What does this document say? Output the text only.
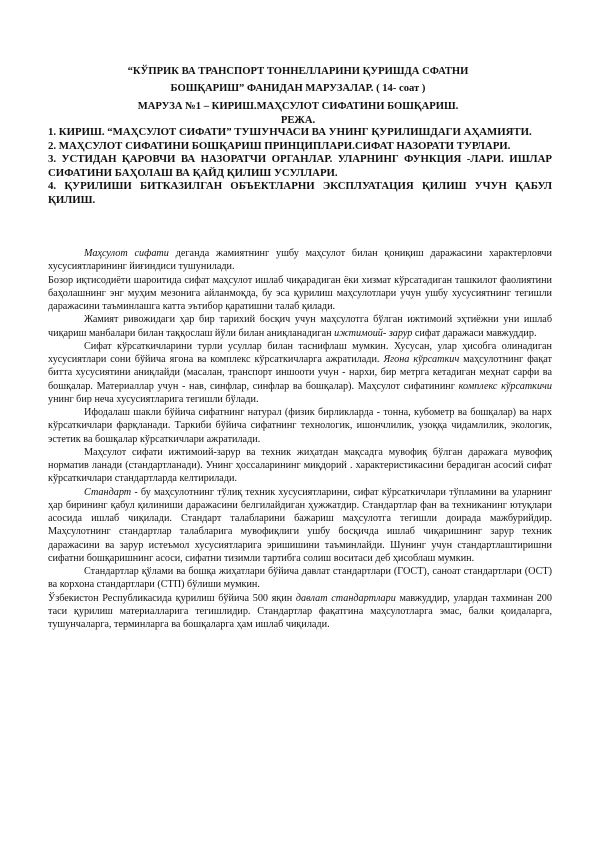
“КЎПРИК ВА ТРАНСПОРТ ТОННЕЛЛАРИНИ ҚУРИШДА СФАТНИ
БОШҚАРИШ” ФАНИДАН МАРУЗАЛАР. ( 14- соат )
МАРУЗА №1 – КИРИШ.МАҲСУЛОТ СИФАТИНИ БОШҚАРИШ.
РЕЖА.

1. КИРИШ. “МАҲСУЛОТ СИФАТИ” ТУШУНЧАСИ ВА УНИНГ ҚУРИЛИШДАГИ АҲАМИЯТИ.

2. МАҲСУЛОТ СИФАТИНИ БОШҚАРИШ ПРИНЦИПЛАРИ.СИФАТ НАЗОРАТИ ТУРЛАРИ.

3. УСТИДАН ҚАРОВЧИ ВА НАЗОРАТЧИ ОРГАНЛАР. УЛАРНИНГ ФУНКЦИЯ -ЛАРИ. ИШЛАР СИФАТИНИ БАҲОЛАШ ВА ҚАЙД ҚИЛИШ УСУЛЛАРИ.

4. ҚУРИЛИШИ БИТКАЗИЛГАН ОБЪЕКТЛАРНИ ЭКСПЛУАТАЦИЯ ҚИЛИШ УЧУН ҚАБУЛ ҚИЛИШ.

Маҳсулот сифати деганда жамиятнинг ушбу маҳсулот билан қониқиш даражасини характерловчи хусусиятларининг йиғиндиси тушунилади.

Бозор иқтисодиёти шароитида сифат маҳсулот ишлаб чиқарадиган ёки хизмат кўрсатадиган ташкилот фаолиятини баҳолашнинг энг муҳим мезонига айланмоқда, бу эса қурилиш маҳсулотлари учун ушбу хусусиятнинг тегишли даражасини таъминлашга катта эътибор қаратишни талаб қилади.

Жамият ривожидаги ҳар бир тарихий босқич учун маҳсулотга бўлган ижтимоий эҳтиёжни уни ишлаб чиқариш манбалари билан таққослаш йўли билан аниқланадиган ижтимоий- зарур сифат даражаси мавжуддир.

Сифат кўрсаткичларини турли усуллар билан таснифлаш мумкин. Хусусан, улар ҳисобга олинадиган хусусиятлари сони бўйича ягона ва комплекс кўрсаткичларга ажратилади. Ягона кўрсаткич маҳсулотнинг фақат битта хусусиятини аниқлайди (масалан, транспорт иншооти учун - нархи, бир метрга кетадиган меҳнат сарфи ва бошқалар. Материаллар учун - нав, синфлар, синфлар ва бошқалар). Маҳсулот сифатининг комплекс кўрсаткичи унинг бир неча хусусиятларига тегишли бўлади.

Ифодалаш шакли бўйича сифатнинг натурал (физик бирликларда - тонна, кубометр ва бошқалар) ва нарх кўрсаткичлари фарқланади. Таркиби бўйича сифатнинг технологик, ишончлилик, узоққа чидамлилик, экологик, эстетик ва бошқалар кўрсаткичлари ажратилади.

Маҳсулот сифати ижтимоий-зарур ва техник жиҳатдан мақсадга мувофиқ бўлган даражага мувофиқ норматив ланади (стандартланади). Унинг ҳоссаларининг миқдорий . характеристикасини берадиган асосий сифат кўрсаткичлари стандартларда келтирилади.

Стандарт - бу маҳсулотнинг тўлиқ техник хусусиятларини, сифат кўрсаткичлари тўпламини ва уларнинг ҳар бирининг қабул қилиниши даражасини белгилайдиган ҳужжатдир. Стандартлар фан ва техниканинг ютуқлари асосида ишлаб чиқилади. Стандарт талабларини бажариш маҳсулотга тегишли доирада мажбурийдир. Маҳсулотнинг стандартлар талабларига мувофиқлиги ушбу босқичда ишлаб чиқаришнинг зарур техник даражасини ва зарур истеъмол хусусиятларига эришишини таъминлайди. Шунинг учун стандартлаштиришни сифатни бошқаришнинг асоси, сифатни тизимли тартибга солиш воситаси деб ҳисоблаш мумкин.

Стандартлар қўлами ва бошқа жиҳатлари бўйича давлат стандартлари (ГОСТ), саноат стандартлари (ОСТ) ва корхона стандартлари (СТП) бўлиши мумкин.

Ўзбекистон Республикасида қурилиш бўйича 500 яқин давлат стандартлари мавжуддир, улардан тахминан 200 таси қурилиш материалларига тегишлидир. Стандартлар фақатгина маҳсулотларга эмас, балки қоидаларга, тушунчаларга, терминларга ва бошқаларга ҳам ишлаб чиқилади.
